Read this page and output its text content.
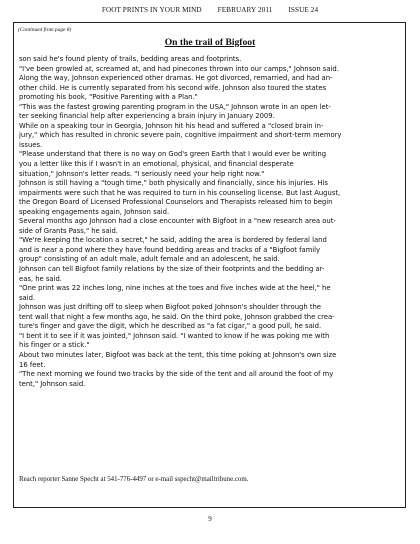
FOOT PRINTS IN YOUR MIND FEBRUARY 2011 ISSUE 24
(Continued from page 8)
On the trail of Bigfoot
son said he's found plenty of trails, bedding areas and footprints.
"I've been growled at, screamed at, and had pinecones thrown into our camps," Johnson said.
Along the way, Johnson experienced other dramas. He got divorced, remarried, and had an-
other child. He is currently separated from his second wife. Johnson also toured the states
promoting his book, "Positive Parenting with a Plan."
"This was the fastest growing parenting program in the USA," Johnson wrote in an open let-
ter seeking financial help after experiencing a brain injury in January 2009.
While on a speaking tour in Georgia, Johnson hit his head and suffered a "closed brain in-
jury," which has resulted in chronic severe pain, cognitive impairment and short-term memory
issues.
"Please understand that there is no way on God's green Earth that I would ever be writing
you a letter like this if I wasn't in an emotional, physical, and financial desperate
situation," Johnson's letter reads. "I seriously need your help right now."
Johnson is still having a "tough time," both physically and financially, since his injuries. His
impairments were such that he was required to turn in his counseling license. But last August,
the Oregon Board of Licensed Professional Counselors and Therapists released him to begin
speaking engagements again, Johnson said.
Several months ago Johnson had a close encounter with Bigfoot in a "new research area out-
side of Grants Pass," he said.
"We're keeping the location a secret," he said, adding the area is bordered by federal land
and is near a pond where they have found bedding areas and tracks of a "Bigfoot family
group" consisting of an adult male, adult female and an adolescent, he said.
Johnson can tell Bigfoot family relations by the size of their footprints and the bedding ar-
eas, he said.
"One print was 22 inches long, nine inches at the toes and five inches wide at the heel," he
said.
Johnson was just drifting off to sleep when Bigfoot poked Johnson's shoulder through the
tent wall that night a few months ago, he said. On the third poke, Johnson grabbed the crea-
ture's finger and gave the digit, which he described as "a fat cigar," a good pull, he said.
"I bent it to see if it was jointed," Johnson said. "I wanted to know if he was poking me with
his finger or a stick."
About two minutes later, Bigfoot was back at the tent, this time poking at Johnson's own size
16 feet.
"The next morning we found two tracks by the side of the tent and all around the foot of my
tent," Johnson said.
Reach reporter Sanne Specht at 541-776-4497 or e-mail sspecht@mailtribune.com.
9
